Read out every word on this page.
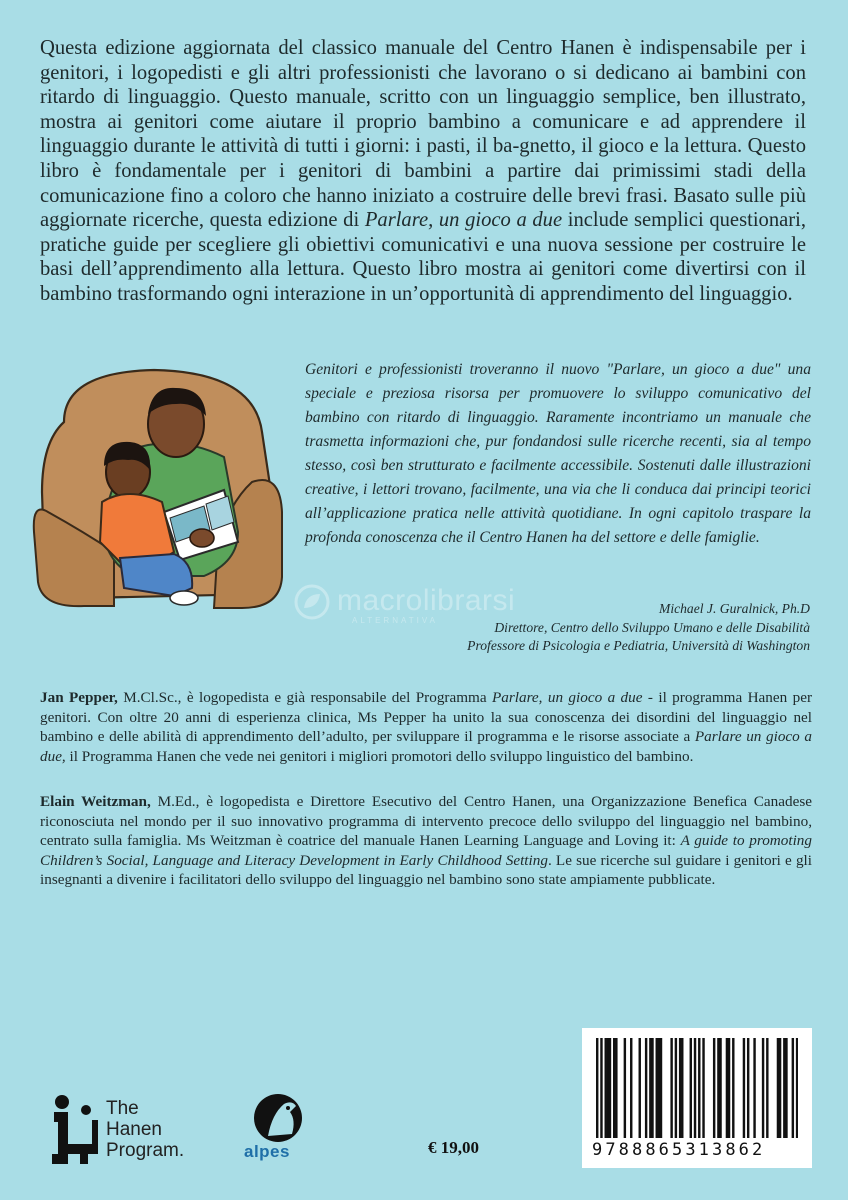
Questa edizione aggiornata del classico manuale del Centro Hanen è indispensabile per i genitori, i logopedisti e gli altri professionisti che lavorano o si dedicano ai bambini con ritardo di linguaggio. Questo manuale, scritto con un linguaggio semplice, ben illustrato, mostra ai genitori come aiutare il proprio bambino a comunicare e ad apprendere il linguaggio durante le attività di tutti i giorni: i pasti, il ba-gnetto, il gioco e la lettura. Questo libro è fondamentale per i genitori di bambini a partire dai primissimi stadi della comunicazione fino a coloro che hanno iniziato a costruire delle brevi frasi. Basato sulle più aggiornate ricerche, questa edizione di Parlare, un gioco a due include semplici questionari, pratiche guide per scegliere gli obiettivi comunicativi e una nuova sessione per costruire le basi dell’apprendimento alla lettura. Questo libro mostra ai genitori come divertirsi con il bambino trasformando ogni interazione in un’opportunità di apprendimento del linguaggio.
Genitori e professionisti troveranno il nuovo "Parlare, un gioco a due" una speciale e preziosa risorsa per promuovere lo sviluppo comunicativo del bambino con ritardo di linguaggio. Raramente incontriamo un manuale che trasmetta informazioni che, pur fondandosi sulle ricerche recenti, sia al tempo stesso, così ben strutturato e facilmente accessibile. Sostenuti dalle illustrazioni creative, i lettori trovano, facilmente, una via che li conduca dai principi teorici all’applicazione pratica nelle attività quotidiane. In ogni capitolo traspare la profonda conoscenza che il Centro Hanen ha del settore e delle famiglie.
macrolibrarsi
ALTERNATIVA
Michael J. Guralnick, Ph.D
Direttore, Centro dello Sviluppo Umano e delle Disabilità
Professore di Psicologia e Pediatria, Università di Washington
Jan Pepper, M.Cl.Sc., è logopedista e già responsabile del Programma Parlare, un gioco a due - il programma Hanen per genitori. Con oltre 20 anni di esperienza clinica, Ms Pepper ha unito la sua conoscenza dei disordini del linguaggio nel bambino e delle abilità di apprendimento dell’adulto, per sviluppare il programma e le risorse associate a Parlare un gioco a due, il Programma Hanen che vede nei genitori i migliori promotori dello sviluppo linguistico del bambino.
Elain Weitzman, M.Ed., è logopedista e Direttore Esecutivo del Centro Hanen, una Organizzazione Benefica Canadese riconosciuta nel mondo per il suo innovativo programma di intervento precoce dello sviluppo del linguaggio nel bambino, centrato sulla famiglia. Ms Weitzman è coatrice del manuale Hanen Learning Language and Loving it: A guide to promoting Children’s Social, Language and Literacy Development in Early Childhood Setting. Le sue ricerche sul guidare i genitori e gli insegnanti a divenire i facilitatori dello sviluppo del linguaggio nel bambino sono state ampiamente pubblicate.
The
Hanen
Program.	alpes	€ 19,00	9788865313862
